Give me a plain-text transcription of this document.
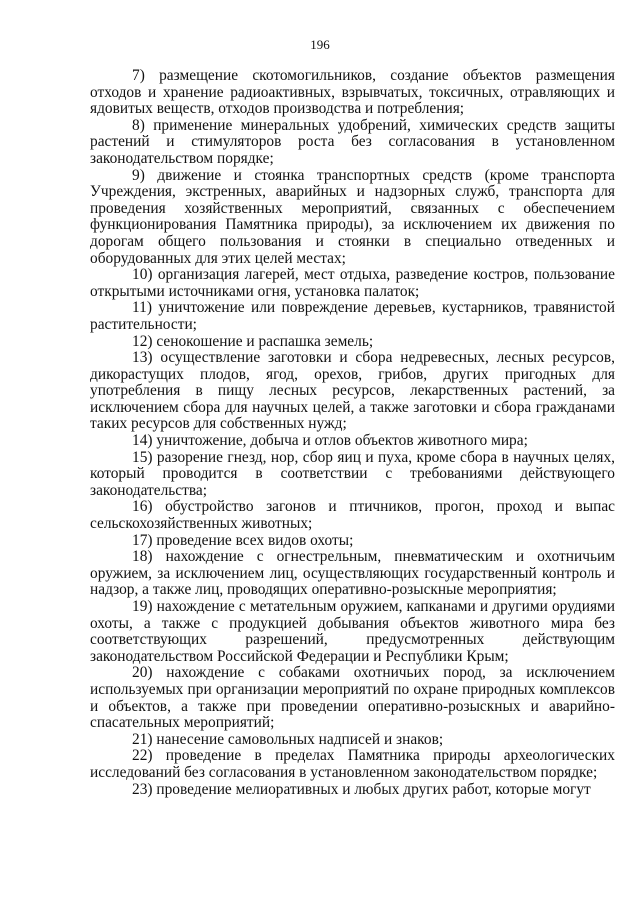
196

7) размещение скотомогильников, создание объектов размещения отходов и хранение радиоактивных, взрывчатых, токсичных, отравляющих и ядовитых веществ, отходов производства и потребления;

8) применение минеральных удобрений, химических средств защиты растений и стимуляторов роста без согласования в установленном законодательством порядке;

9) движение и стоянка транспортных средств (кроме транспорта Учреждения, экстренных, аварийных и надзорных служб, транспорта для проведения хозяйственных мероприятий, связанных с обеспечением функционирования Памятника природы), за исключением их движения по дорогам общего пользования и стоянки в специально отведенных и оборудованных для этих целей местах;

10) организация лагерей, мест отдыха, разведение костров, пользование открытыми источниками огня, установка палаток;

11) уничтожение или повреждение деревьев, кустарников, травянистой растительности;

12) сенокошение и распашка земель;

13) осуществление заготовки и сбора недревесных, лесных ресурсов, дикорастущих плодов, ягод, орехов, грибов, других пригодных для употребления в пищу лесных ресурсов, лекарственных растений, за исключением сбора для научных целей, а также заготовки и сбора гражданами таких ресурсов для собственных нужд;

14) уничтожение, добыча и отлов объектов животного мира;

15) разорение гнезд, нор, сбор яиц и пуха, кроме сбора в научных целях, который проводится в соответствии с требованиями действующего законодательства;

16) обустройство загонов и птичников, прогон, проход и выпас сельскохозяйственных животных;

17) проведение всех видов охоты;

18) нахождение с огнестрельным, пневматическим и охотничьим оружием, за исключением лиц, осуществляющих государственный контроль и надзор, а также лиц, проводящих оперативно-розыскные мероприятия;

19) нахождение с метательным оружием, капканами и другими орудиями охоты, а также с продукцией добывания объектов животного мира без соответствующих разрешений, предусмотренных действующим законодательством Российской Федерации и Республики Крым;

20) нахождение с собаками охотничьих пород, за исключением используемых при организации мероприятий по охране природных комплексов и объектов, а также при проведении оперативно-розыскных и аварийно-спасательных мероприятий;

21) нанесение самовольных надписей и знаков;

22) проведение в пределах Памятника природы археологических исследований без согласования в установленном законодательством порядке;

23) проведение мелиоративных и любых других работ, которые могут
